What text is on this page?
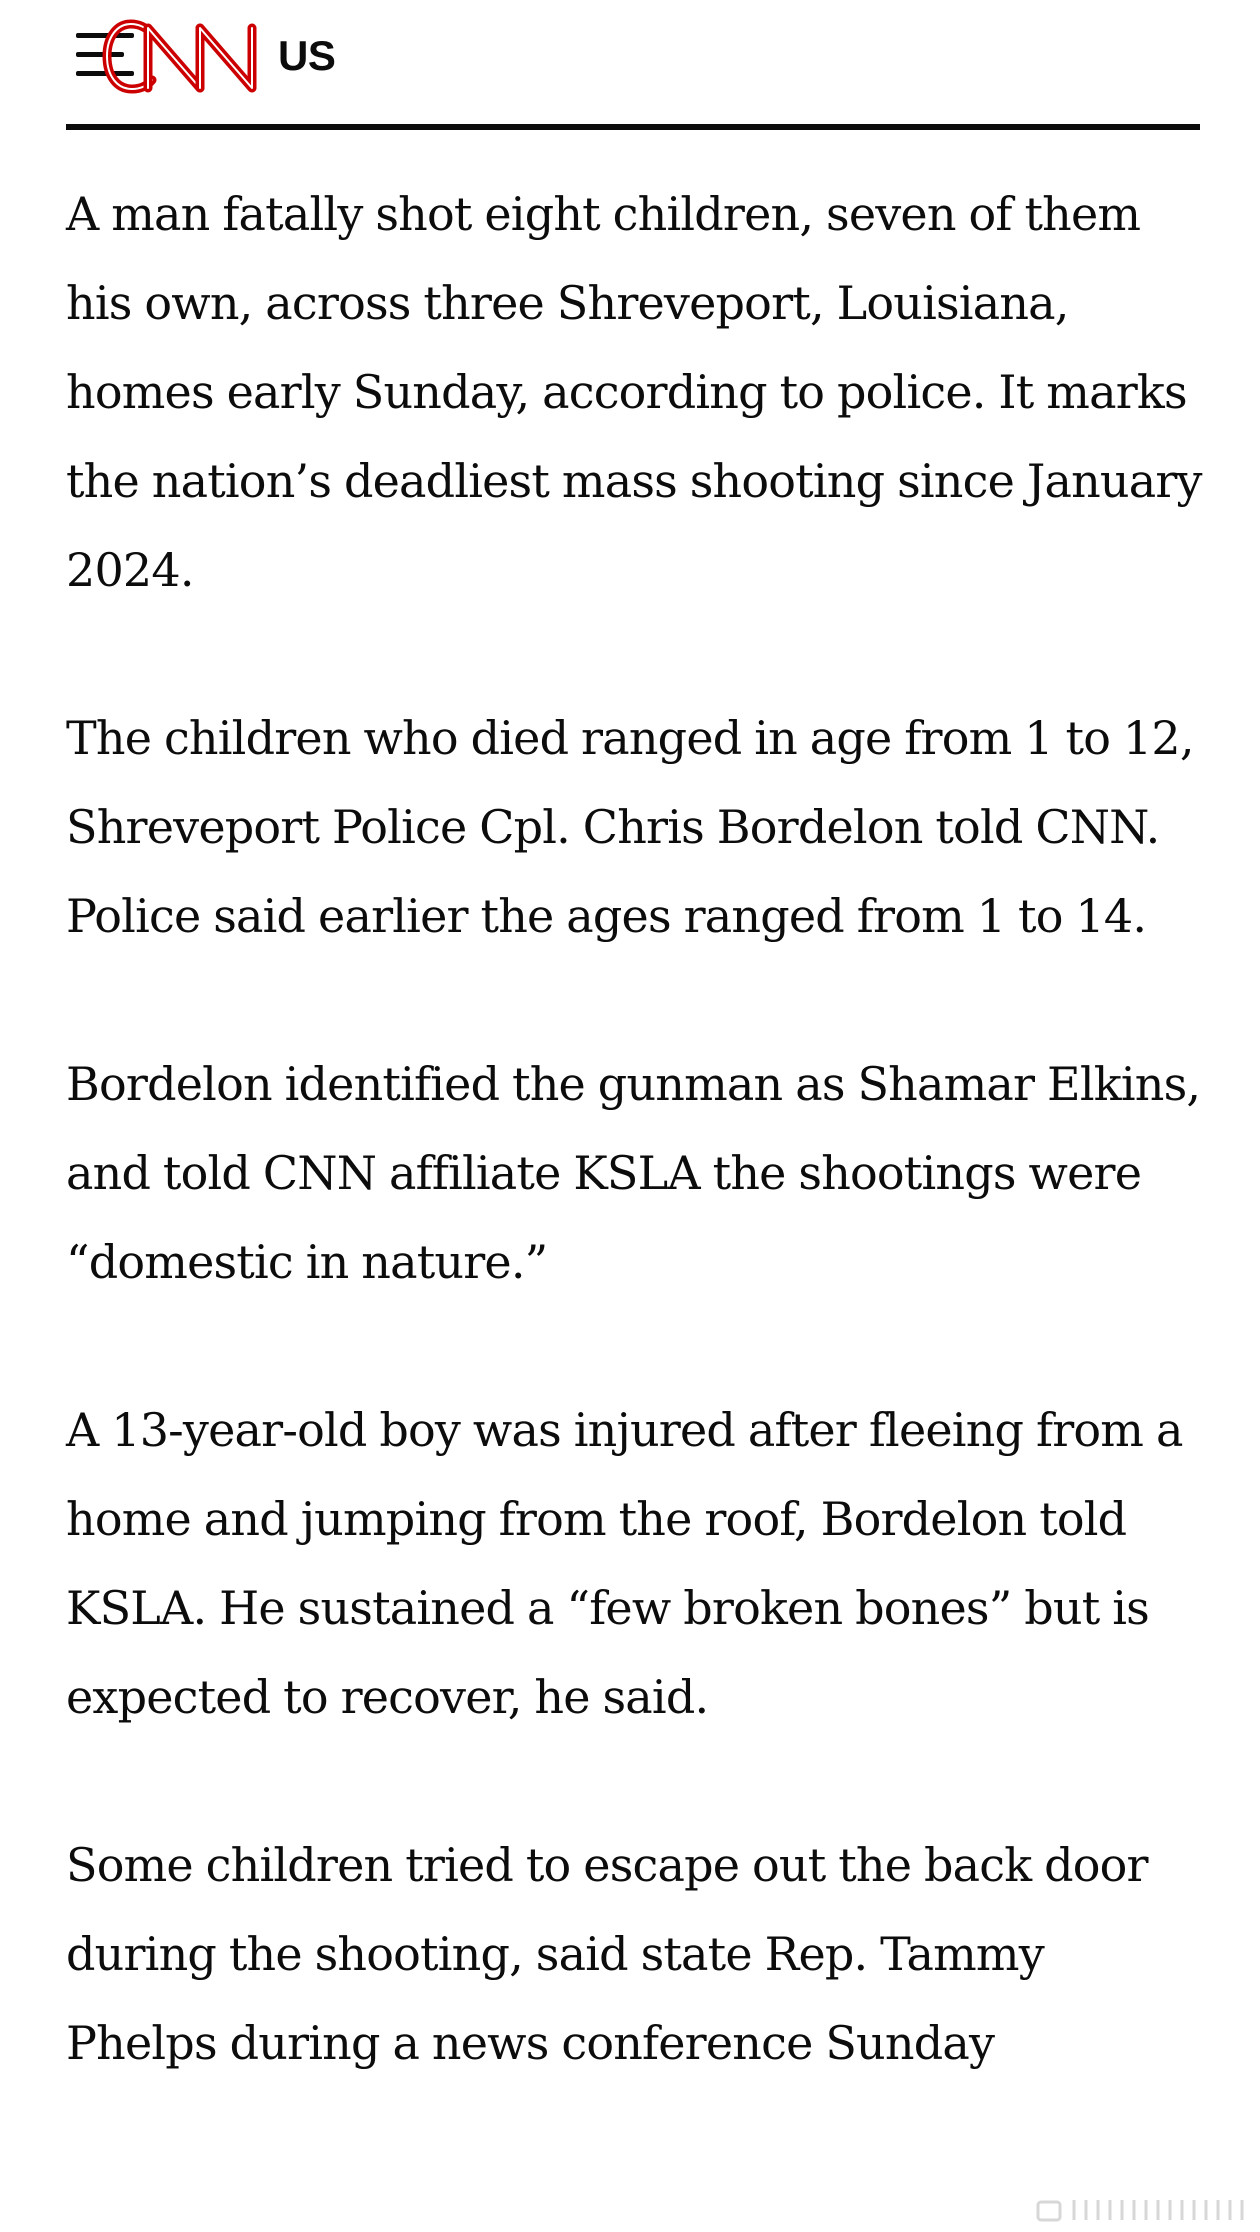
US

A man fatally shot eight children, seven of them his own, across three Shreveport, Louisiana, homes early Sunday, according to police. It marks the nation’s deadliest mass shooting since January 2024.

The children who died ranged in age from 1 to 12, Shreveport Police Cpl. Chris Bordelon told CNN. Police said earlier the ages ranged from 1 to 14.

Bordelon identified the gunman as Shamar Elkins, and told CNN affiliate KSLA the shootings were “domestic in nature.”

A 13-year-old boy was injured after fleeing from a home and jumping from the roof, Bordelon told KSLA. He sustained a “few broken bones” but is expected to recover, he said.

Some children tried to escape out the back door during the shooting, said state Rep. Tammy Phelps during a news conference Sunday
